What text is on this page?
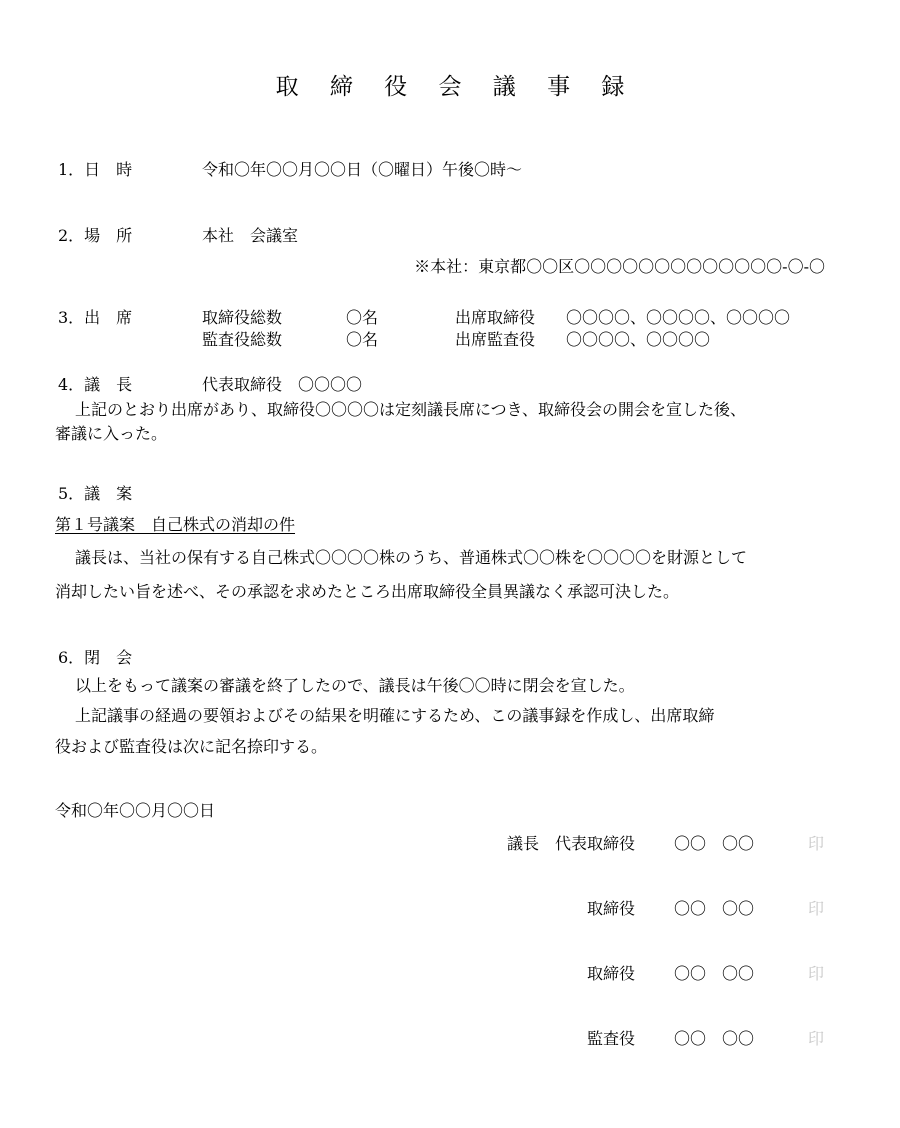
取 締 役 会 議 事 録
1．日　時	令和〇年〇〇月〇〇日（〇曜日）午後〇時〜
2．場　所	本社　会議室
※本社：東京都〇〇区〇〇〇〇〇〇〇〇〇〇〇〇〇-〇-〇
3．出　席	取締役総数	〇名	出席取締役 〇〇〇〇、〇〇〇〇、〇〇〇〇
監査役総数	〇名	出席監査役 〇〇〇〇、〇〇〇〇
4．議　長	代表取締役　〇〇〇〇
上記のとおり出席があり、取締役〇〇〇〇は定刻議長席につき、取締役会の開会を宣した後、
審議に入った。
5．議　案
第１号議案　自己株式の消却の件
議長は、当社の保有する自己株式〇〇〇〇株のうち、普通株式〇〇株を〇〇〇〇を財源として
消却したい旨を述べ、その承認を求めたところ出席取締役全員異議なく承認可決した。
6．閉　会
以上をもって議案の審議を終了したので、議長は午後〇〇時に閉会を宣した。
上記議事の経過の要領およびその結果を明確にするため、この議事録を作成し、出席取締
役および監査役は次に記名捺印する。
令和〇年〇〇月〇〇日
議長　代表取締役 〇〇　〇〇	印
取締役 〇〇　〇〇	印
取締役 〇〇　〇〇	印
監査役 〇〇　〇〇	印
